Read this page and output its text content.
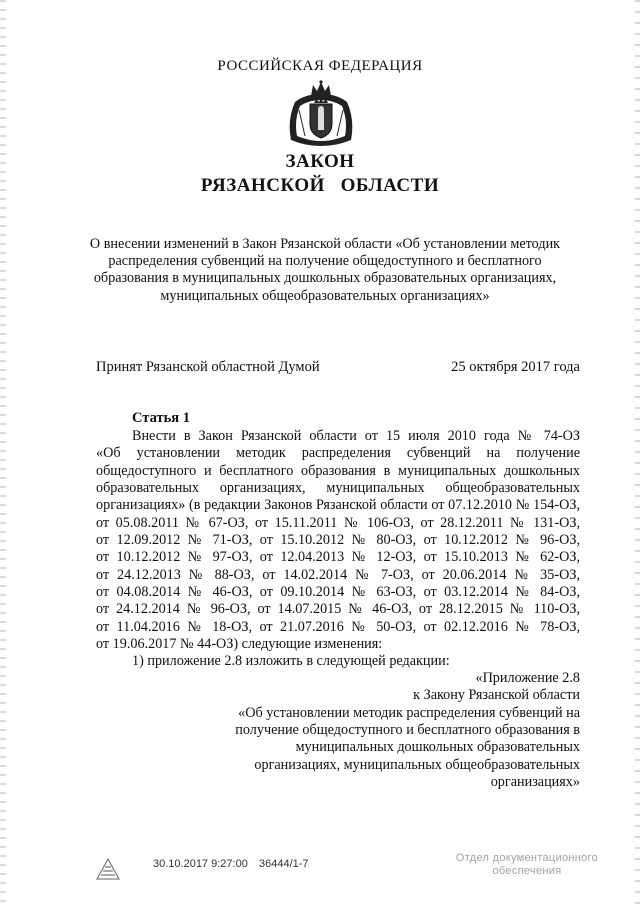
РОССИЙСКАЯ ФЕДЕРАЦИЯ
ЗАКОН
РЯЗАНСКОЙ   ОБЛАСТИ
О внесении изменений в Закон Рязанской области «Об установлении методик распределения субвенций на получение общедоступного и бесплатного образования в муниципальных дошкольных образовательных организациях, муниципальных общеобразовательных организациях»
Принят Рязанской областной Думой	25 октября 2017 года
Статья 1
Внести в Закон Рязанской области от 15 июля 2010 года № 74-ОЗ
«Об установлении методик распределения субвенций на получение
общедоступного и бесплатного образования в муниципальных дошкольных
образовательных организациях, муниципальных общеобразовательных
организациях» (в редакции Законов Рязанской области от 07.12.2010 № 154-ОЗ,
от 05.08.2011 № 67-ОЗ, от 15.11.2011 № 106-ОЗ, от 28.12.2011 № 131-ОЗ,
от 12.09.2012 № 71-ОЗ, от 15.10.2012 № 80-ОЗ, от 10.12.2012 № 96-ОЗ,
от 10.12.2012 № 97-ОЗ, от 12.04.2013 № 12-ОЗ, от 15.10.2013 № 62-ОЗ,
от 24.12.2013 № 88-ОЗ, от 14.02.2014 № 7-ОЗ, от 20.06.2014 № 35-ОЗ,
от 04.08.2014 № 46-ОЗ, от 09.10.2014 № 63-ОЗ, от 03.12.2014 № 84-ОЗ,
от 24.12.2014 № 96-ОЗ, от 14.07.2015 № 46-ОЗ, от 28.12.2015 № 110-ОЗ,
от 11.04.2016 № 18-ОЗ, от 21.07.2016 № 50-ОЗ, от 02.12.2016 № 78-ОЗ,
от 19.06.2017 № 44-ОЗ) следующие изменения:
1) приложение 2.8 изложить в следующей редакции:
«Приложение 2.8
к Закону Рязанской области
«Об установлении методик распределения субвенций на
получение общедоступного и бесплатного образования в
муниципальных дошкольных образовательных
организациях, муниципальных общеобразовательных
организациях»
30.10.2017 9:27:00 36444/1-7	Отдел документационного
обеспечения
